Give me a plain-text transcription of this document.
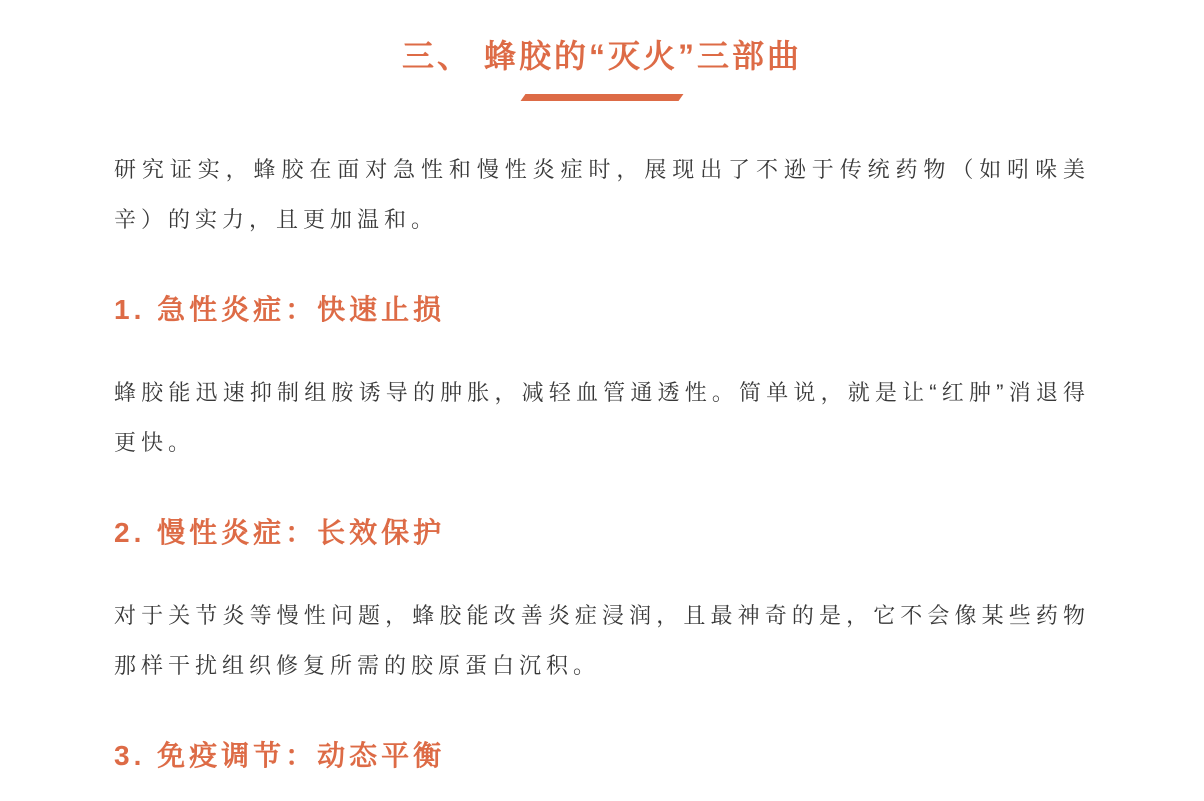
三、 蜂胶的“灭火”三部曲

研究证实，蜂胶在面对急性和慢性炎症时，展现出了不逊于传统药物（如吲哚美辛）的实力，且更加温和。

1. 急性炎症：快速止损

蜂胶能迅速抑制组胺诱导的肿胀，减轻血管通透性。简单说，就是让“红肿”消退得更快。

2. 慢性炎症：长效保护

对于关节炎等慢性问题，蜂胶能改善炎症浸润，且最神奇的是，它不会像某些药物那样干扰组织修复所需的胶原蛋白沉积。

3. 免疫调节：动态平衡
